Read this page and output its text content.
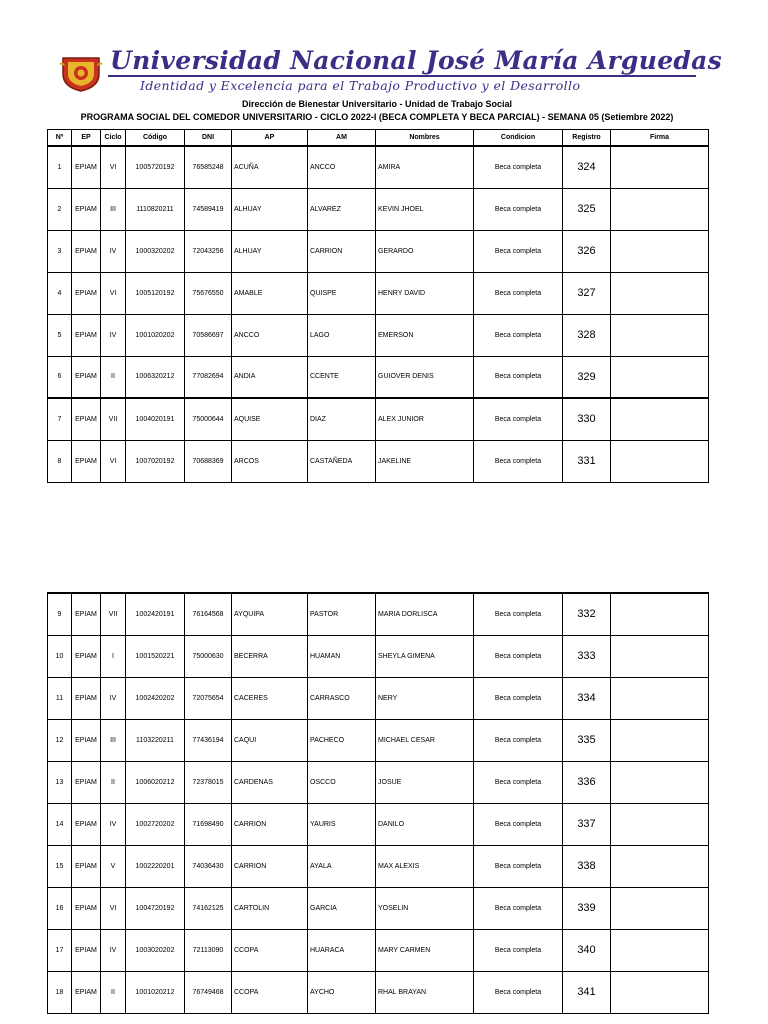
Universidad Nacional José María Arguedas
Identidad y Excelencia para el Trabajo Productivo y el Desarrollo
Dirección de Bienestar Universitario - Unidad de Trabajo Social
PROGRAMA SOCIAL DEL COMEDOR UNIVERSITARIO - CICLO 2022-I (BECA COMPLETA Y BECA PARCIAL) - SEMANA 05 (Setiembre 2022)
Nº	EP	Ciclo	Código	DNI	AP	AM	Nombres	Condicion	Registro	Firma
1	EPIAM	VI	1005720192	76585248	ACUÑA	ANCCO	AMIRA	Beca completa	324	
2	EPIAM	III	1110820211	74589419	ALHUAY	ALVAREZ	KEVIN JHOEL	Beca completa	325	
3	EPIAM	IV	1000320202	72043256	ALHUAY	CARRION	GERARDO	Beca completa	326	
4	EPIAM	VI	1005120192	75676550	AMABLE	QUISPE	HENRY DAVID	Beca completa	327	
5	EPIAM	IV	1001020202	70586697	ANCCO	LAGO	EMERSON	Beca completa	328	
6	EPIAM	II	1006320212	77082694	ANDIA	CCENTE	GUIOVER DENIS	Beca completa	329	
7	EPIAM	VII	1004020191	75000644	AQUISE	DIAZ	ALEX JUNIOR	Beca completa	330	
8	EPIAM	VI	1007020192	70688369	ARCOS	CASTAÑEDA	JAKELINE	Beca completa	331	
9	EPIAM	VII	1002420191	76164568	AYQUIPA	PASTOR	MARIA DORLISCA	Beca completa	332	
10	EPIAM	I	1001520221	75000630	BECERRA	HUAMAN	SHEYLA GIMENA	Beca completa	333	
11	EPIAM	IV	1002420202	72075654	CACERES	CARRASCO	NERY	Beca completa	334	
12	EPIAM	III	1103220211	77436194	CAQUI	PACHECO	MICHAEL CESAR	Beca completa	335	
13	EPIAM	II	1006020212	72378015	CARDENAS	OSCCO	JOSUE	Beca completa	336	
14	EPIAM	IV	1002720202	71698490	CARRION	YAURIS	DANILO	Beca completa	337	
15	EPIAM	V	1002220201	74036430	CARRION	AYALA	MAX ALEXIS	Beca completa	338	
16	EPIAM	VI	1004720192	74162125	CARTOLIN	GARCIA	YOSELIN	Beca completa	339	
17	EPIAM	IV	1003020202	72113090	CCOPA	HUARACA	MARY CARMEN	Beca completa	340	
18	EPIAM	II	1001020212	76749468	CCOPA	AYCHO	RHAL BRAYAN	Beca completa	341	
